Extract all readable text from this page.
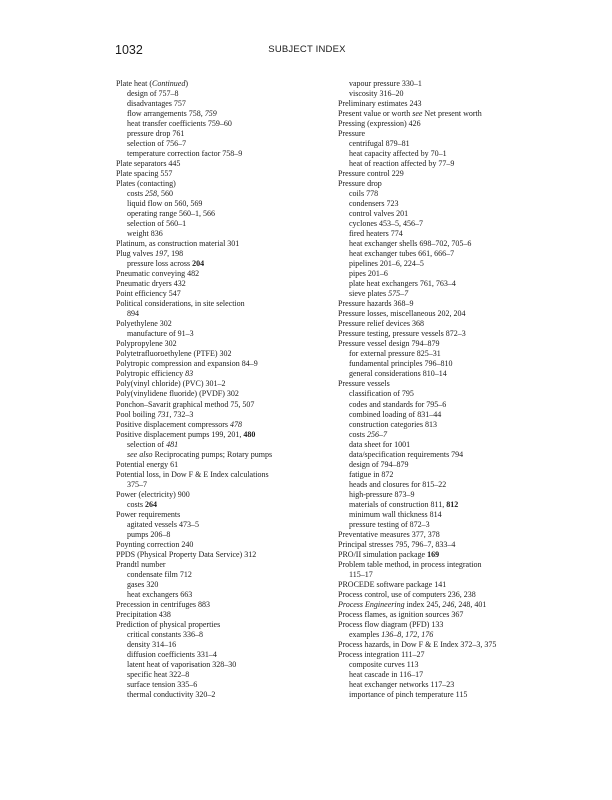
1032	SUBJECT INDEX
Plate heat (Continued)
design of 757–8
disadvantages 757
flow arrangements 758, 759
heat transfer coefficients 759–60
pressure drop 761
selection of 756–7
temperature correction factor 758–9
Plate separators 445
Plate spacing 557
Plates (contacting)
costs 258, 560
liquid flow on 560, 569
operating range 560–1, 566
selection of 560–1
weight 836
Platinum, as construction material 301
Plug valves 197, 198
pressure loss across 204
Pneumatic conveying 482
Pneumatic dryers 432
Point efficiency 547
Political considerations, in site selection
894
Polyethylene 302
manufacture of 91–3
Polypropylene 302
Polytetrafluoroethylene (PTFE) 302
Polytropic compression and expansion 84–9
Polytropic efficiency 83
Poly(vinyl chloride) (PVC) 301–2
Poly(vinylidene fluoride) (PVDF) 302
Ponchon–Savarit graphical method 75, 507
Pool boiling 731, 732–3
Positive displacement compressors 478
Positive displacement pumps 199, 201, 480
selection of 481
see also Reciprocating pumps; Rotary pumps
Potential energy 61
Potential loss, in Dow F & E Index calculations
375–7
Power (electricity) 900
costs 264
Power requirements
agitated vessels 473–5
pumps 206–8
Poynting correction 240
PPDS (Physical Property Data Service) 312
Prandtl number
condensate film 712
gases 320
heat exchangers 663
Precession in centrifuges 883
Precipitation 438
Prediction of physical properties
critical constants 336–8
density 314–16
diffusion coefficients 331–4
latent heat of vaporisation 328–30
specific heat 322–8
surface tension 335–6
thermal conductivity 320–2
vapour pressure 330–1
viscosity 316–20
Preliminary estimates 243
Present value or worth see Net present worth
Pressing (expression) 426
Pressure
centrifugal 879–81
heat capacity affected by 70–1
heat of reaction affected by 77–9
Pressure control 229
Pressure drop
coils 778
condensers 723
control valves 201
cyclones 453–5, 456–7
fired heaters 774
heat exchanger shells 698–702, 705–6
heat exchanger tubes 661, 666–7
pipelines 201–6, 224–5
pipes 201–6
plate heat exchangers 761, 763–4
sieve plates 575–7
Pressure hazards 368–9
Pressure losses, miscellaneous 202, 204
Pressure relief devices 368
Pressure testing, pressure vessels 872–3
Pressure vessel design 794–879
for external pressure 825–31
fundamental principles 796–810
general considerations 810–14
Pressure vessels
classification of 795
codes and standards for 795–6
combined loading of 831–44
construction categories 813
costs 256–7
data sheet for 1001
data/specification requirements 794
design of 794–879
fatigue in 872
heads and closures for 815–22
high-pressure 873–9
materials of construction 811, 812
minimum wall thickness 814
pressure testing of 872–3
Preventative measures 377, 378
Principal stresses 795, 796–7, 833–4
PRO/II simulation package 169
Problem table method, in process integration
115–17
PROCEDE software package 141
Process control, use of computers 236, 238
Process Engineering index 245, 246, 248, 401
Process flames, as ignition sources 367
Process flow diagram (PFD) 133
examples 136–8, 172, 176
Process hazards, in Dow F & E Index 372–3, 375
Process integration 111–27
composite curves 113
heat cascade in 116–17
heat exchanger networks 117–23
importance of pinch temperature 115
